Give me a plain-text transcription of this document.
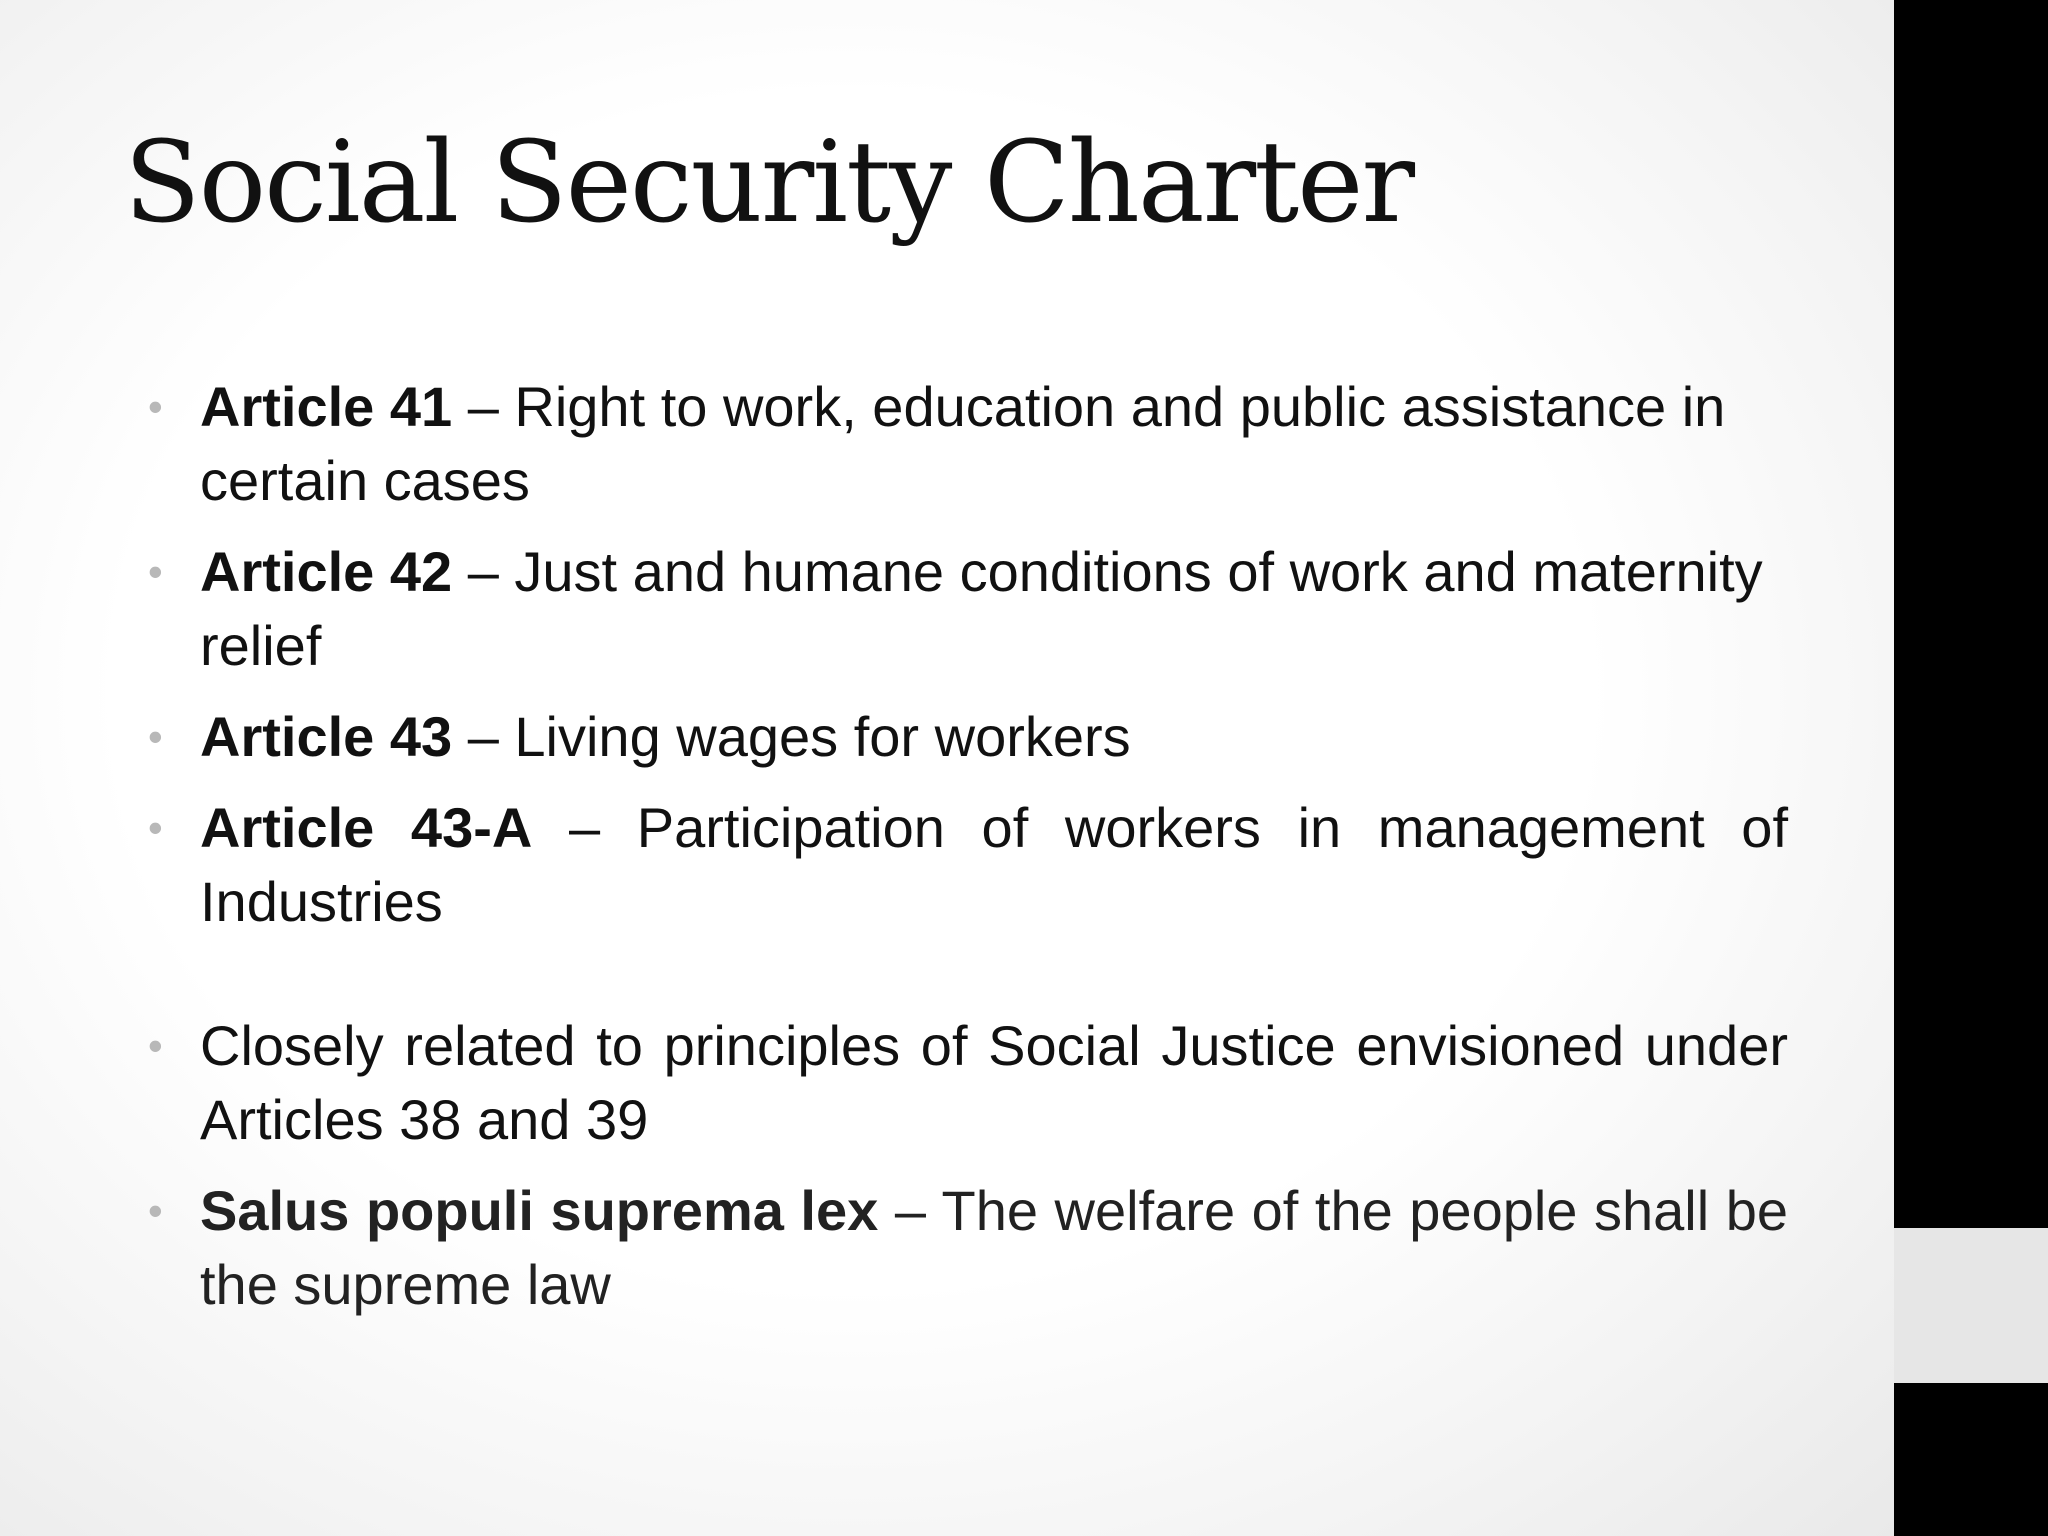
Social Security Charter
• Article 41 – Right to work, education and public assistance in certain cases
• Article 42 – Just and humane conditions of work and maternity relief
• Article 43 – Living wages for workers
• Article 43-A – Participation of workers in management of Industries
• Closely related to principles of Social Justice envisioned under Articles 38 and 39
• Salus populi suprema lex – The welfare of the people shall be the supreme law
